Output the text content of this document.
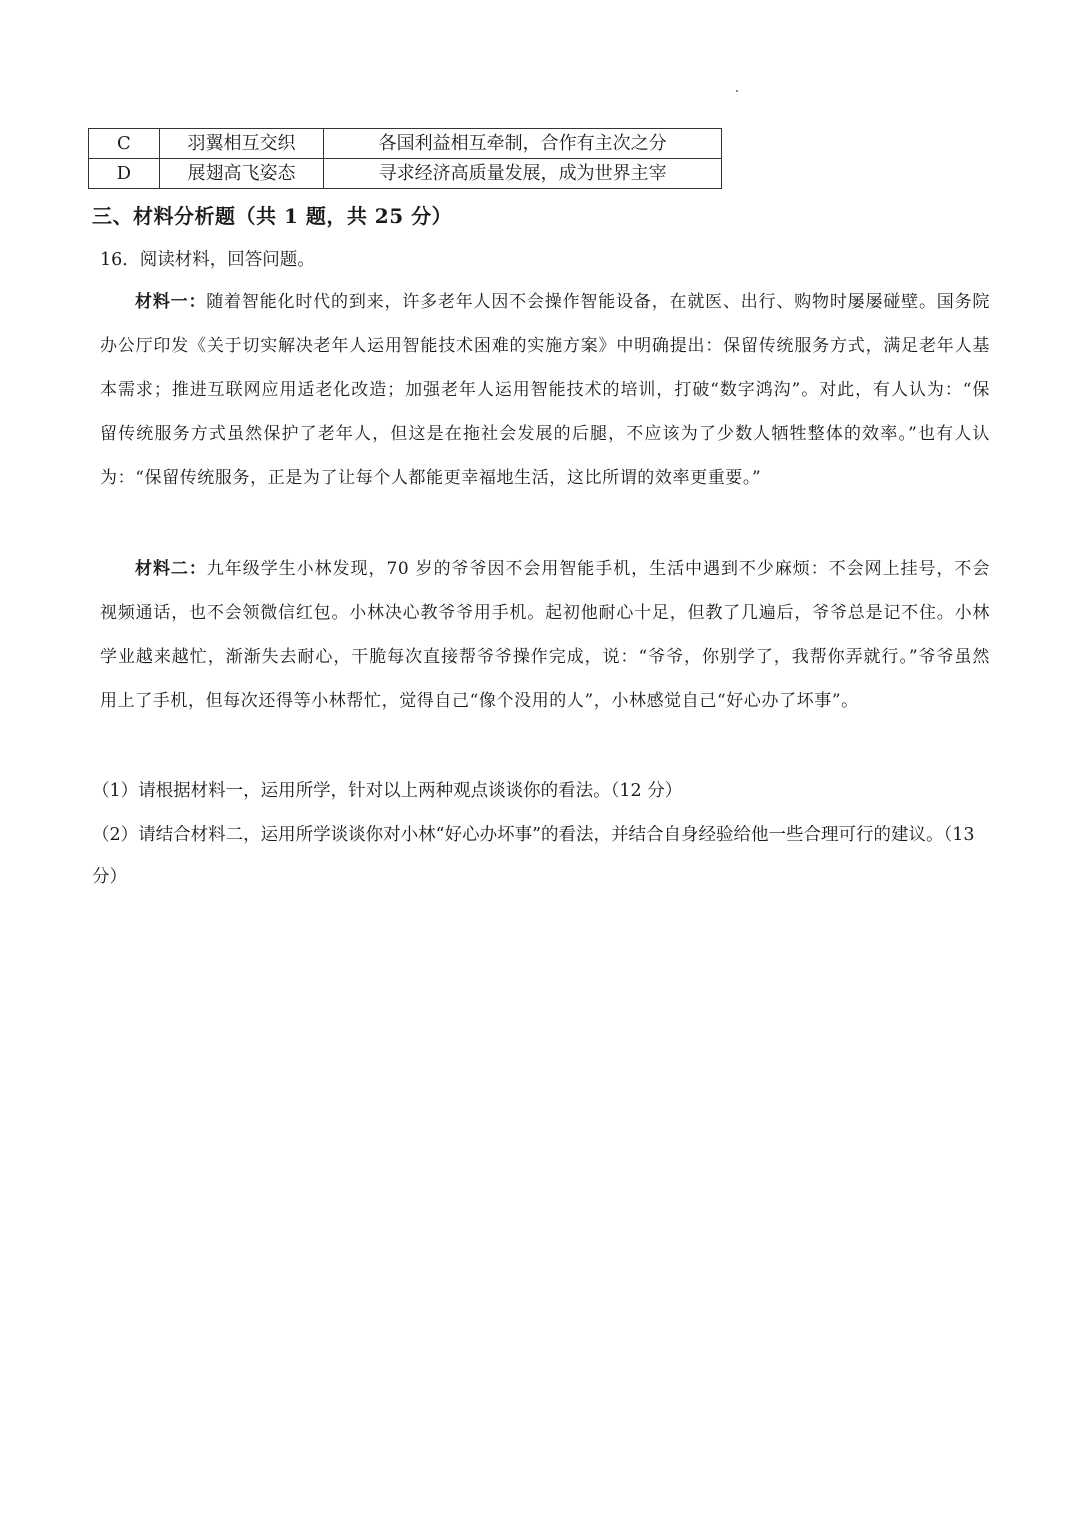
C	羽翼相互交织	各国利益相互牵制，合作有主次之分
D	展翅高飞姿态	寻求经济高质量发展，成为世界主宰
三、材料分析题（共 1 题，共 25 分）
16．阅读材料，回答问题。

材料一：随着智能化时代的到来，许多老年人因不会操作智能设备，在就医、出行、购物时屡屡碰壁。国务院办公厅印发《关于切实解决老年人运用智能技术困难的实施方案》中明确提出：保留传统服务方式，满足老年人基本需求；推进互联网应用适老化改造；加强老年人运用智能技术的培训，打破“数字鸿沟”。对此，有人认为：“保留传统服务方式虽然保护了老年人，但这是在拖社会发展的后腿，不应该为了少数人牺牲整体的效率。”也有人认为：“保留传统服务，正是为了让每个人都能更幸福地生活，这比所谓的效率更重要。”

材料二：九年级学生小林发现，70 岁的爷爷因不会用智能手机，生活中遇到不少麻烦：不会网上挂号，不会视频通话，也不会领微信红包。小林决心教爷爷用手机。起初他耐心十足，但教了几遍后，爷爷总是记不住。小林学业越来越忙，渐渐失去耐心，干脆每次直接帮爷爷操作完成，说：“爷爷，你别学了，我帮你弄就行。”爷爷虽然用上了手机，但每次还得等小林帮忙，觉得自己“像个没用的人”，小林感觉自己“好心办了坏事”。

（1）请根据材料一，运用所学，针对以上两种观点谈谈你的看法。（12 分）

（2）请结合材料二，运用所学谈谈你对小林“好心办坏事”的看法，并结合自身经验给他一些合理可行的建议。（13 分）
